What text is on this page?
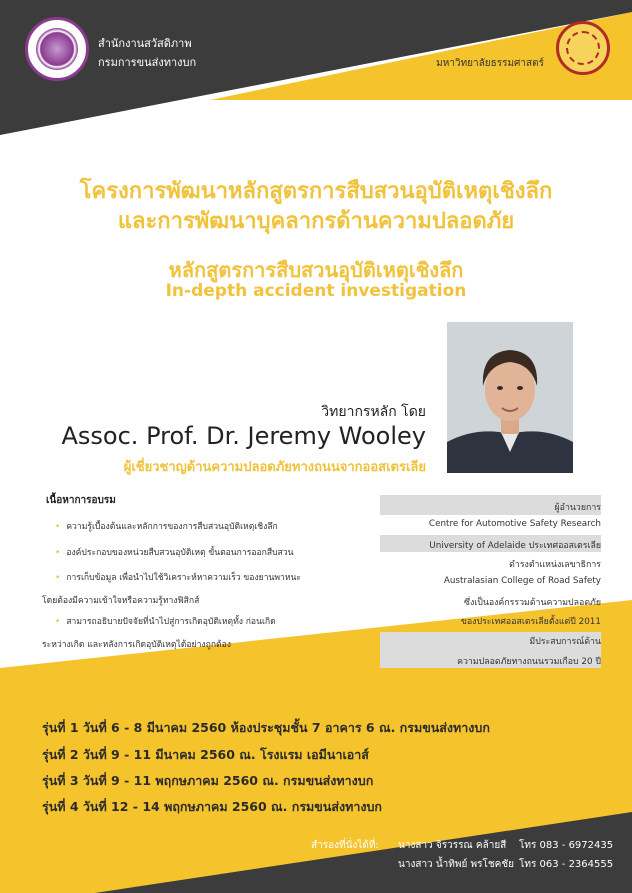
สำนักงานสวัสดิภาพ
กรมการขนส่งทางบก	มหาวิทยาลัยธรรมศาสตร์
โครงการพัฒนาหลักสูตรการสืบสวนอุบัติเหตุเชิงลึก
และการพัฒนาบุคลากรด้านความปลอดภัย
หลักสูตรการสืบสวนอุบัติเหตุเชิงลึก
In-depth accident investigation
วิทยากรหลัก โดย
Assoc. Prof. Dr. Jeremy Wooley
ผู้เชี่ยวชาญด้านความปลอดภัยทางถนนจากออสเตรเลีย
เนื้อหาการอบรม
• ความรู้เบื้องต้นและหลักการของการสืบสวนอุบัติเหตุเชิงลึก
• องค์ประกอบของหน่วยสืบสวนอุบัติเหตุ ขั้นตอนการออกสืบสวน
• การเก็บข้อมูล เพื่อนำไปใช้วิเคราะห์หาความเร็ว ของยานพาหนะ
โดยต้องมีความเข้าใจหรือความรู้ทางฟิสิกส์
• สามารถอธิบายปัจจัยที่นำไปสู่การเกิดอุบัติเหตุทั้ง ก่อนเกิด
ระหว่างเกิด และหลังการเกิดอุบัติเหตุได้อย่างถูกต้อง
ผู้อำนวยการ
Centre for Automotive Safety Research
University of Adelaide ประเทศออสเตรเลีย
ดำรงตำแหน่งเลขาธิการ
Australasian College of Road Safety
ซึ่งเป็นองค์กรรวมด้านความปลอดภัย
ของประเทศออสเตรเลียตั้งแต่ปี 2011
มีประสบการณ์ด้าน
ความปลอดภัยทางถนนรวมเกือบ 20 ปี
รุ่นที่ 1 วันที่ 6 - 8 มีนาคม 2560 ห้องประชุมชั้น 7 อาคาร 6 ณ. กรมขนส่งทางบก
รุ่นที่ 2 วันที่ 9 - 11 มีนาคม 2560 ณ. โรงแรม เอมีนาเอาส์
รุ่นที่ 3 วันที่ 9 - 11 พฤกษภาคม 2560 ณ. กรมขนส่งทางบก
รุ่นที่ 4 วันที่ 12 - 14 พฤกษภาคม 2560 ณ. กรมขนส่งทางบก
สำรองที่นั่งได้ที่: นางสาว จิรวรรณ คล้ายสี โทร 083 - 6972435
นางสาว น้ำทิพย์ พรโชคชัย โทร 063 - 2364555
